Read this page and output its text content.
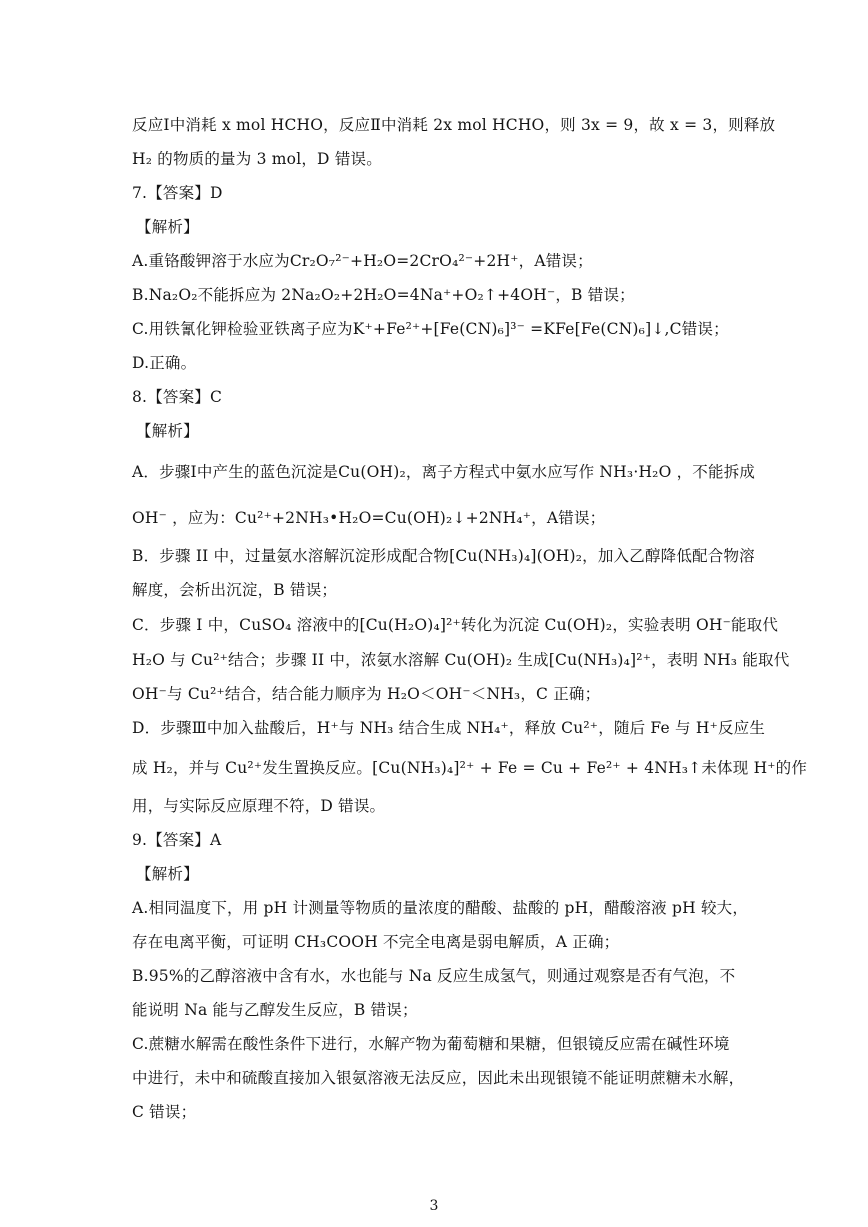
反应Ⅰ中消耗 x mol HCHO，反应Ⅱ中消耗 2x mol HCHO，则 3x = 9，故 x = 3，则释放
H₂ 的物质的量为 3 mol，D 错误。
7.【答案】D
【解析】
A.重铬酸钾溶于水应为Cr₂O₇²⁻+H₂O=2CrO₄²⁻+2H⁺，A错误；
B.Na₂O₂不能拆应为 2Na₂O₂+2H₂O=4Na⁺+O₂↑+4OH⁻，B 错误；
C.用铁氰化钾检验亚铁离子应为K⁺+Fe²⁺+[Fe(CN)₆]³⁻ =KFe[Fe(CN)₆]↓,C错误；
D.正确。
8.【答案】C
【解析】
A．步骤Ⅰ中产生的蓝色沉淀是Cu(OH)₂，离子方程式中氨水应写作 NH₃·H₂O ，不能拆成
OH⁻ ，应为：Cu²⁺+2NH₃•H₂O=Cu(OH)₂↓+2NH₄⁺，A错误；
B．步骤 II 中，过量氨水溶解沉淀形成配合物[Cu(NH₃)₄](OH)₂，加入乙醇降低配合物溶
解度，会析出沉淀，B 错误；
C．步骤 I 中，CuSO₄ 溶液中的[Cu(H₂O)₄]²⁺转化为沉淀 Cu(OH)₂，实验表明 OH⁻能取代
H₂O 与 Cu²⁺结合；步骤 II 中，浓氨水溶解 Cu(OH)₂ 生成[Cu(NH₃)₄]²⁺，表明 NH₃ 能取代
OH⁻与 Cu²⁺结合，结合能力顺序为 H₂O＜OH⁻＜NH₃，C 正确；
D．步骤Ⅲ中加入盐酸后，H⁺与 NH₃ 结合生成 NH₄⁺，释放 Cu²⁺，随后 Fe 与 H⁺反应生
成 H₂，并与 Cu²⁺发生置换反应。[Cu(NH₃)₄]²⁺ + Fe = Cu + Fe²⁺ + 4NH₃↑未体现 H⁺的作
用，与实际反应原理不符，D 错误。
9.【答案】A
【解析】
A.相同温度下，用 pH 计测量等物质的量浓度的醋酸、盐酸的 pH，醋酸溶液 pH 较大，
存在电离平衡，可证明 CH₃COOH 不完全电离是弱电解质，A 正确；
B.95%的乙醇溶液中含有水，水也能与 Na 反应生成氢气，则通过观察是否有气泡，不
能说明 Na 能与乙醇发生反应，B 错误；
C.蔗糖水解需在酸性条件下进行，水解产物为葡萄糖和果糖，但银镜反应需在碱性环境
中进行，未中和硫酸直接加入银氨溶液无法反应，因此未出现银镜不能证明蔗糖未水解，
C 错误；
3
